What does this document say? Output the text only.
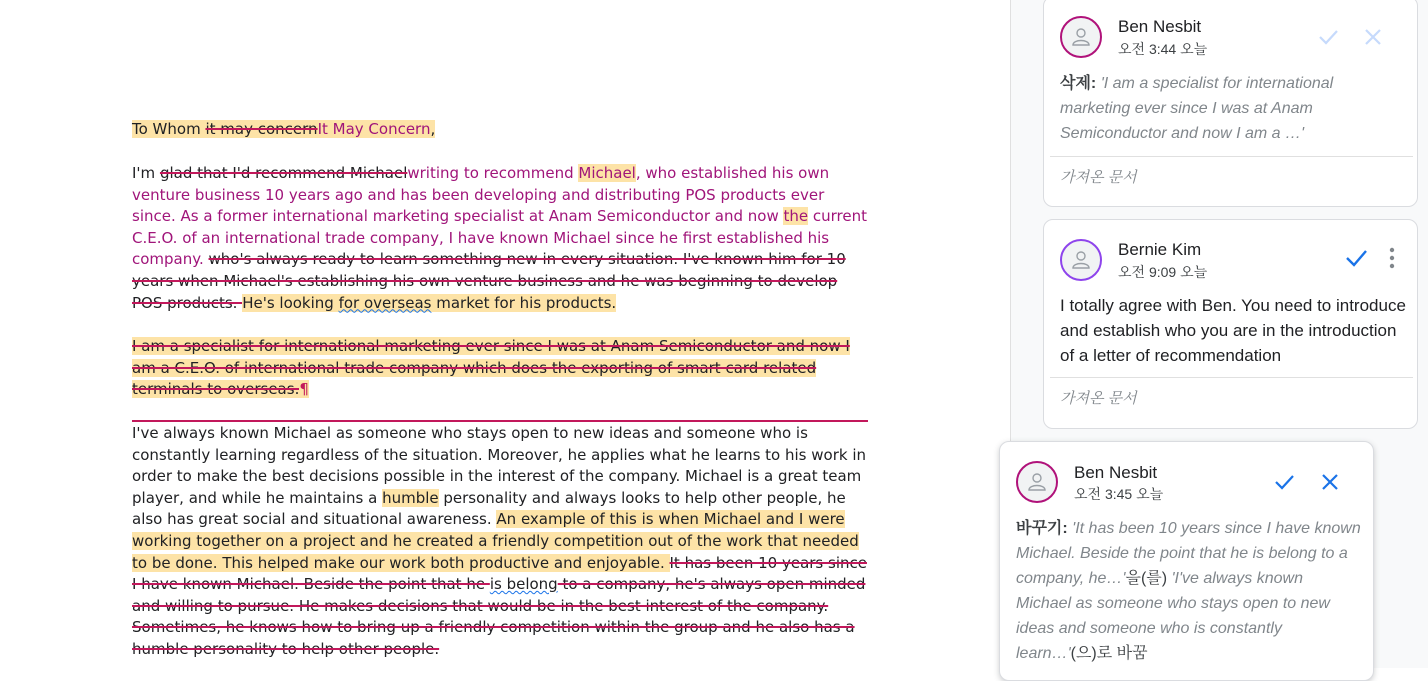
To Whom it may concernIt May Concern,
I'm glad that I'd recommend Michaelwriting to recommend Michael, who established his own venture business 10 years ago and has been developing and distributing POS products ever since. As a former international marketing specialist at Anam Semiconductor and now the current C.E.O. of an international trade company, I have known Michael since he first established his company. who's always ready to learn something new in every situation. I've known him for 10 years when Michael's establishing his own venture business and he was beginning to develop POS products. He's looking for overseas market for his products.
I am a specialist for international marketing ever since I was at Anam Semiconductor and now I am a C.E.O. of international trade company which does the exporting of smart card related terminals to overseas.¶
I've always known Michael as someone who stays open to new ideas and someone who is constantly learning regardless of the situation. Moreover, he applies what he learns to his work in order to make the best decisions possible in the interest of the company. Michael is a great team player, and while he maintains a humble personality and always looks to help other people, he also has great social and situational awareness. An example of this is when Michael and I were working together on a project and he created a friendly competition out of the work that needed to be done. This helped make our work both productive and enjoyable. It has been 10 years since I have known Michael. Beside the point that he is belong to a company, he's always open minded and willing to pursue. He makes decisions that would be in the best interest of the company. Sometimes, he knows how to bring up a friendly competition within the group and he also has a humble personality to help other people.
Ben Nesbit
오전 3:44 오늘
삭제: 'I am a specialist for international marketing ever since I was at Anam Semiconductor and now I am a …'
가져온 문서
Bernie Kim
오전 9:09 오늘
I totally agree with Ben. You need to introduce and establish who you are in the introduction of a letter of recommendation
가져온 문서
Ben Nesbit
오전 3:45 오늘
바꾸기: 'It has been 10 years since I have known Michael. Beside the point that he is belong to a company, he…'을(를) 'I've always known Michael as someone who stays open to new ideas and someone who is constantly learn…'(으)로 바꿈
